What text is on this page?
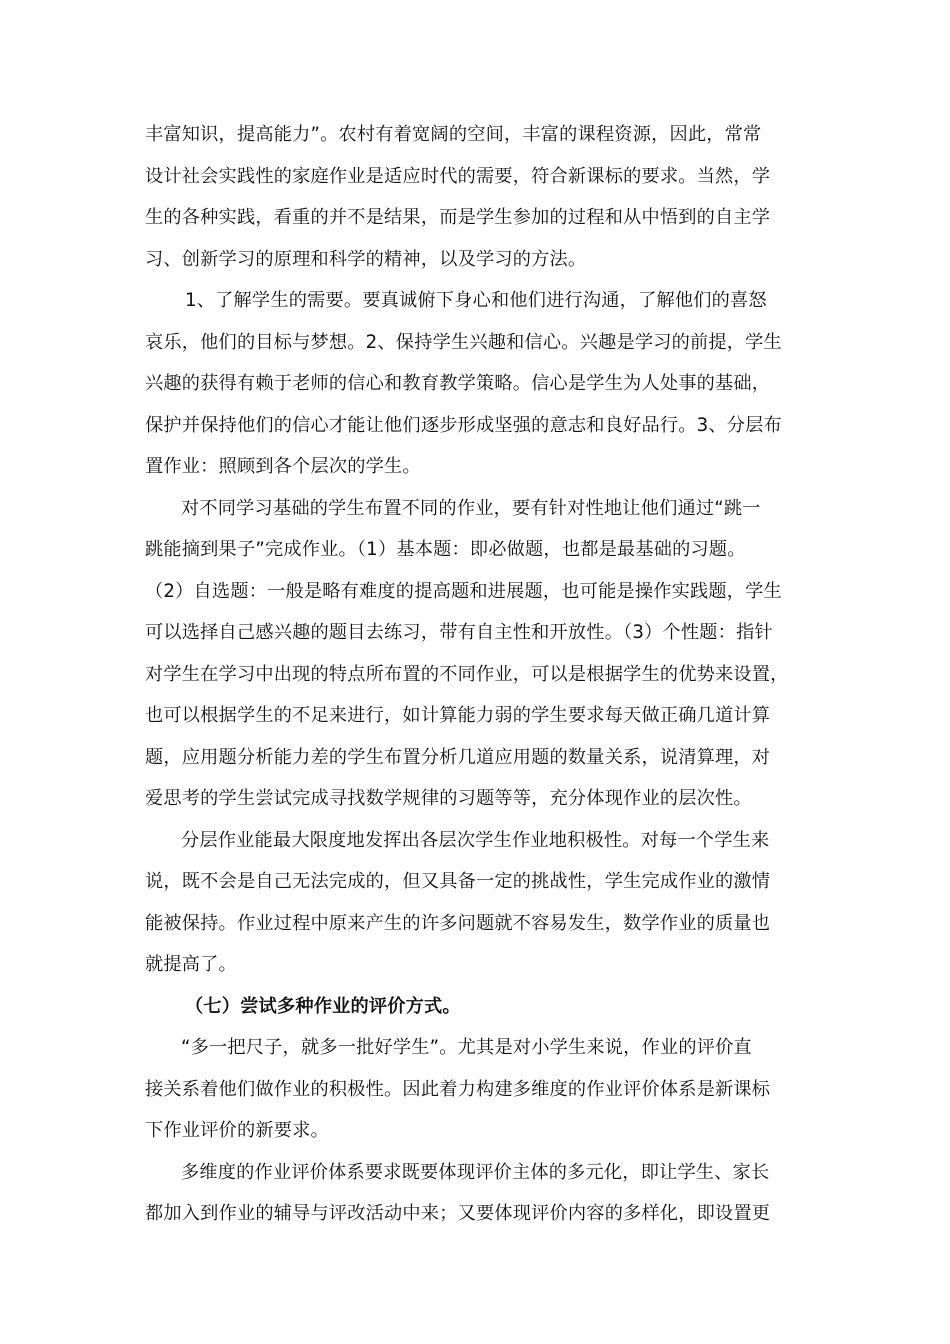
丰富知识，提高能力”。农村有着宽阔的空间，丰富的课程资源，因此，常常
设计社会实践性的家庭作业是适应时代的需要，符合新课标的要求。当然，学
生的各种实践，看重的并不是结果，而是学生参加的过程和从中悟到的自主学
习、创新学习的原理和科学的精神，以及学习的方法。
1、了解学生的需要。要真诚俯下身心和他们进行沟通，了解他们的喜怒
哀乐，他们的目标与梦想。2、保持学生兴趣和信心。兴趣是学习的前提，学生
兴趣的获得有赖于老师的信心和教育教学策略。信心是学生为人处事的基础，
保护并保持他们的信心才能让他们逐步形成坚强的意志和良好品行。3、分层布
置作业：照顾到各个层次的学生。
对不同学习基础的学生布置不同的作业，要有针对性地让他们通过“跳一
跳能摘到果子”完成作业。（1）基本题：即必做题，也都是最基础的习题。
（2）自选题：一般是略有难度的提高题和进展题，也可能是操作实践题，学生
可以选择自己感兴趣的题目去练习，带有自主性和开放性。（3）个性题：指针
对学生在学习中出现的特点所布置的不同作业，可以是根据学生的优势来设置，
也可以根据学生的不足来进行，如计算能力弱的学生要求每天做正确几道计算
题，应用题分析能力差的学生布置分析几道应用题的数量关系，说清算理，对
爱思考的学生尝试完成寻找数学规律的习题等等，充分体现作业的层次性。
分层作业能最大限度地发挥出各层次学生作业地积极性。对每一个学生来
说，既不会是自己无法完成的，但又具备一定的挑战性，学生完成作业的激情
能被保持。作业过程中原来产生的许多问题就不容易发生，数学作业的质量也
就提高了。
（七）尝试多种作业的评价方式。
“多一把尺子，就多一批好学生”。尤其是对小学生来说，作业的评价直
接关系着他们做作业的积极性。因此着力构建多维度的作业评价体系是新课标
下作业评价的新要求。
多维度的作业评价体系要求既要体现评价主体的多元化，即让学生、家长
都加入到作业的辅导与评改活动中来；又要体现评价内容的多样化，即设置更
